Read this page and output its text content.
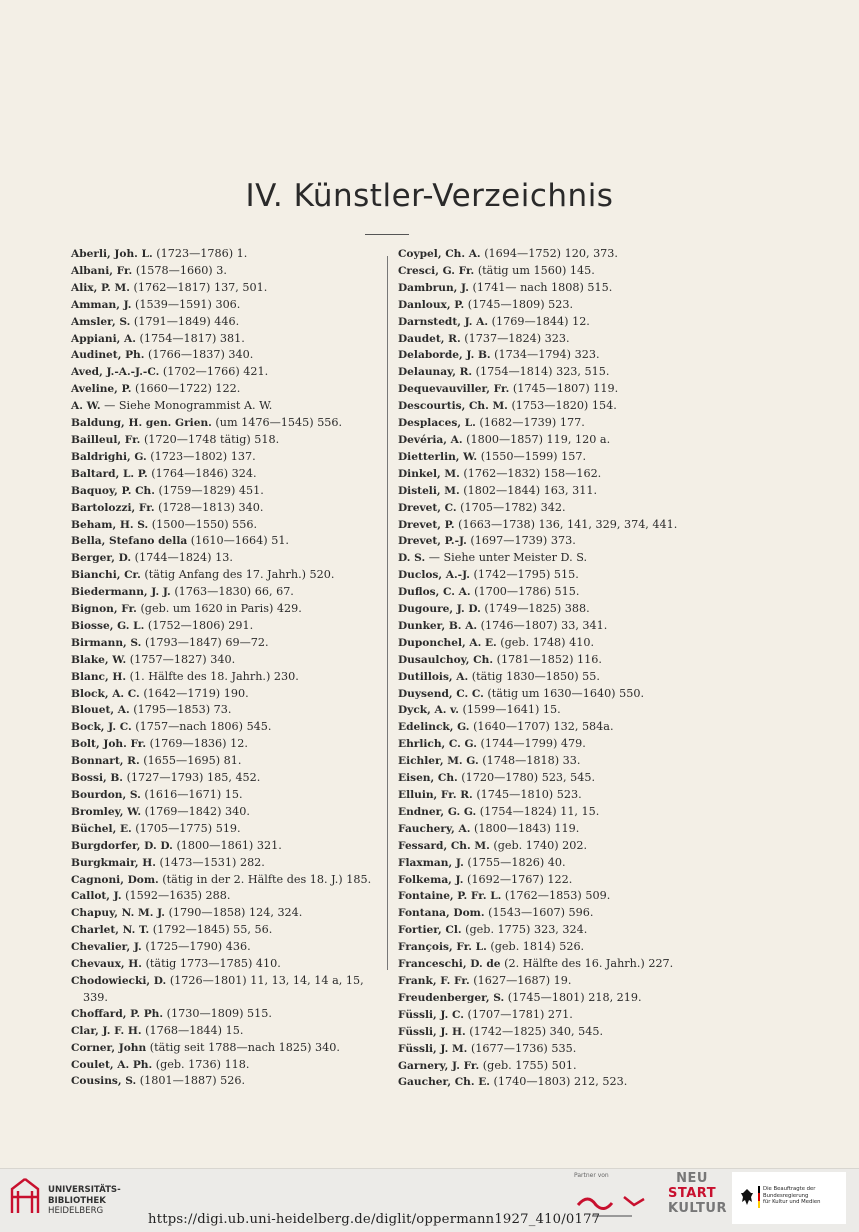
IV. Künstler-Verzeichnis
Aberli, Joh. L. (1723—1786) 1.
Albani, Fr. (1578—1660) 3.
Alix, P. M. (1762—1817) 137, 501.
Amman, J. (1539—1591) 306.
Amsler, S. (1791—1849) 446.
Appiani, A. (1754—1817) 381.
Audinet, Ph. (1766—1837) 340.
Aved, J.-A.-J.-C. (1702—1766) 421.
Aveline, P. (1660—1722) 122.
A. W. — Siehe Monogrammist A. W.
Baldung, H. gen. Grien. (um 1476—1545) 556.
Bailleul, Fr. (1720—1748 tätig) 518.
Baldrighi, G. (1723—1802) 137.
Baltard, L. P. (1764—1846) 324.
Baquoy, P. Ch. (1759—1829) 451.
Bartolozzi, Fr. (1728—1813) 340.
Beham, H. S. (1500—1550) 556.
Bella, Stefano della (1610—1664) 51.
Berger, D. (1744—1824) 13.
Bianchi, Cr. (tätig Anfang des 17. Jahrh.) 520.
Biedermann, J. J. (1763—1830) 66, 67.
Bignon, Fr. (geb. um 1620 in Paris) 429.
Biosse, G. L. (1752—1806) 291.
Birmann, S. (1793—1847) 69—72.
Blake, W. (1757—1827) 340.
Blanc, H. (1. Hälfte des 18. Jahrh.) 230.
Block, A. C. (1642—1719) 190.
Blouet, A. (1795—1853) 73.
Bock, J. C. (1757—nach 1806) 545.
Bolt, Joh. Fr. (1769—1836) 12.
Bonnart, R. (1655—1695) 81.
Bossi, B. (1727—1793) 185, 452.
Bourdon, S. (1616—1671) 15.
Bromley, W. (1769—1842) 340.
Büchel, E. (1705—1775) 519.
Burgdorfer, D. D. (1800—1861) 321.
Burgkmair, H. (1473—1531) 282.
Cagnoni, Dom. (tätig in der 2. Hälfte des 18. J.) 185.
Callot, J. (1592—1635) 288.
Chapuy, N. M. J. (1790—1858) 124, 324.
Charlet, N. T. (1792—1845) 55, 56.
Chevalier, J. (1725—1790) 436.
Chevaux, H. (tätig 1773—1785) 410.
Chodowiecki, D. (1726—1801) 11, 13, 14, 14 a, 15,
339.
Choffard, P. Ph. (1730—1809) 515.
Clar, J. F. H. (1768—1844) 15.
Corner, John (tätig seit 1788—nach 1825) 340.
Coulet, A. Ph. (geb. 1736) 118.
Cousins, S. (1801—1887) 526.
Coypel, Ch. A. (1694—1752) 120, 373.
Cresci, G. Fr. (tätig um 1560) 145.
Dambrun, J. (1741— nach 1808) 515.
Danloux, P. (1745—1809) 523.
Darnstedt, J. A. (1769—1844) 12.
Daudet, R. (1737—1824) 323.
Delaborde, J. B. (1734—1794) 323.
Delaunay, R. (1754—1814) 323, 515.
Dequevauviller, Fr. (1745—1807) 119.
Descourtis, Ch. M. (1753—1820) 154.
Desplaces, L. (1682—1739) 177.
Devéria, A. (1800—1857) 119, 120 a.
Dietterlin, W. (1550—1599) 157.
Dinkel, M. (1762—1832) 158—162.
Disteli, M. (1802—1844) 163, 311.
Drevet, C. (1705—1782) 342.
Drevet, P. (1663—1738) 136, 141, 329, 374, 441.
Drevet, P.-J. (1697—1739) 373.
D. S. — Siehe unter Meister D. S.
Duclos, A.-J. (1742—1795) 515.
Duflos, C. A. (1700—1786) 515.
Dugoure, J. D. (1749—1825) 388.
Dunker, B. A. (1746—1807) 33, 341.
Duponchel, A. E. (geb. 1748) 410.
Dusaulchoy, Ch. (1781—1852) 116.
Dutillois, A. (tätig 1830—1850) 55.
Duysend, C. C. (tätig um 1630—1640) 550.
Dyck, A. v. (1599—1641) 15.
Edelinck, G. (1640—1707) 132, 584a.
Ehrlich, C. G. (1744—1799) 479.
Eichler, M. G. (1748—1818) 33.
Eisen, Ch. (1720—1780) 523, 545.
Elluin, Fr. R. (1745—1810) 523.
Endner, G. G. (1754—1824) 11, 15.
Fauchery, A. (1800—1843) 119.
Fessard, Ch. M. (geb. 1740) 202.
Flaxman, J. (1755—1826) 40.
Folkema, J. (1692—1767) 122.
Fontaine, P. Fr. L. (1762—1853) 509.
Fontana, Dom. (1543—1607) 596.
Fortier, Cl. (geb. 1775) 323, 324.
François, Fr. L. (geb. 1814) 526.
Franceschi, D. de (2. Hälfte des 16. Jahrh.) 227.
Frank, F. Fr. (1627—1687) 19.
Freudenberger, S. (1745—1801) 218, 219.
Füssli, J. C. (1707—1781) 271.
Füssli, J. H. (1742—1825) 340, 545.
Füssli, J. M. (1677—1736) 535.
Garnery, J. Fr. (geb. 1755) 501.
Gaucher, Ch. E. (1740—1803) 212, 523.
UNIVERSITÄTS-
BIBLIOTHEK
HEIDELBERG
Partner von	NEU
START
KULTUR
Die Beauftragte der Bundesregierung
für Kultur und Medien
https://digi.ub.uni-heidelberg.de/diglit/oppermann1927_410/0177
